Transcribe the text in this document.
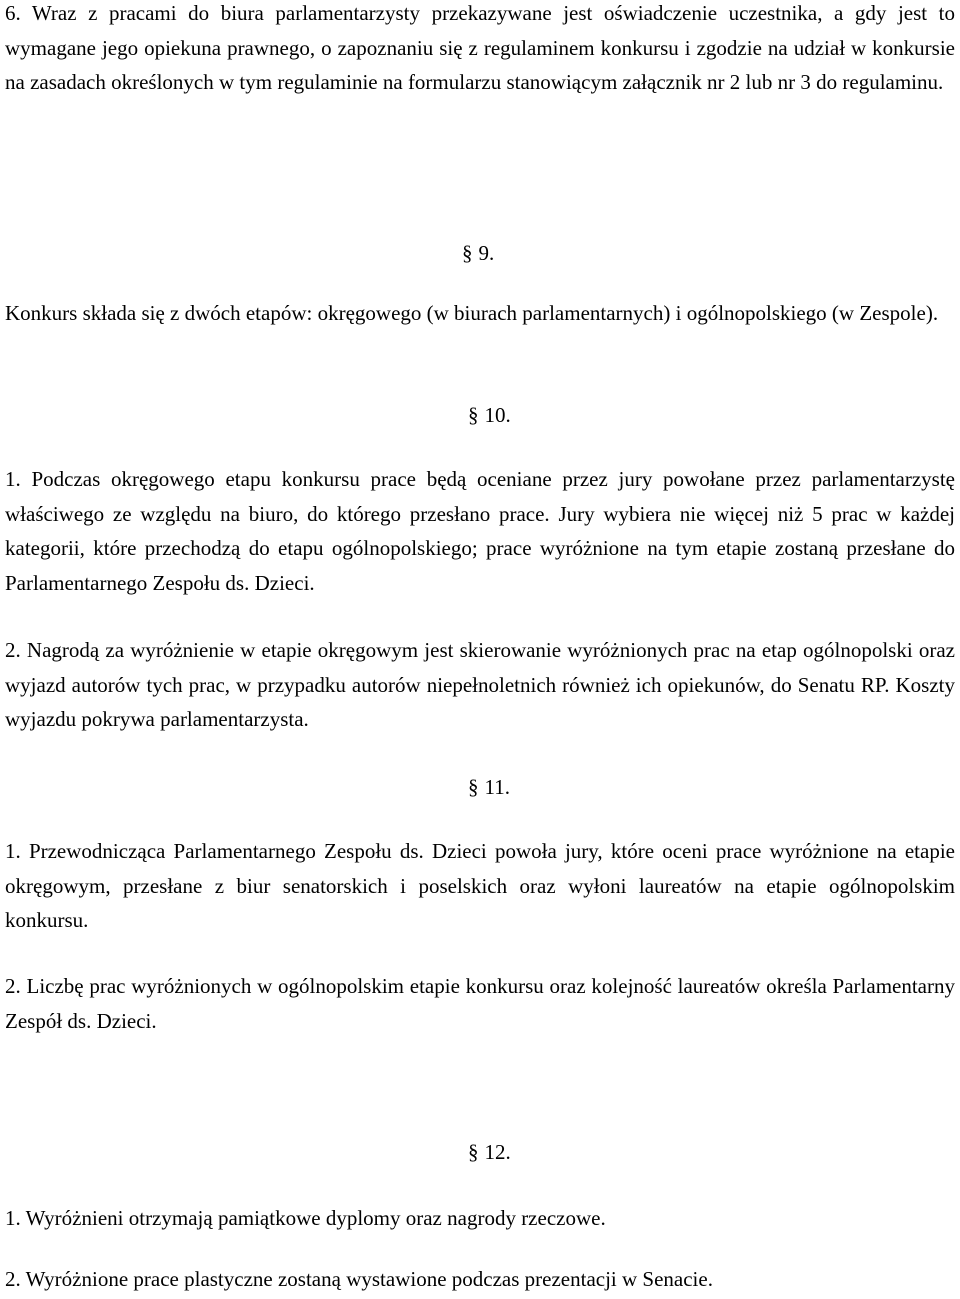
6. Wraz z pracami do biura parlamentarzysty przekazywane jest oświadczenie uczestnika, a gdy jest to wymagane jego opiekuna prawnego, o zapoznaniu się z regulaminem konkursu i zgodzie na udział w konkursie na zasadach określonych w tym regulaminie na formularzu stanowiącym załącznik nr 2 lub nr 3 do regulaminu.

§ 9.

Konkurs składa się z dwóch etapów: okręgowego (w biurach parlamentarnych) i ogólnopolskiego (w Zespole).

§ 10.

1. Podczas okręgowego etapu konkursu prace będą oceniane przez jury powołane przez parlamentarzystę właściwego ze względu na biuro, do którego przesłano prace. Jury wybiera nie więcej niż 5 prac w każdej kategorii, które przechodzą do etapu ogólnopolskiego; prace wyróżnione na tym etapie zostaną przesłane do Parlamentarnego Zespołu ds. Dzieci.

2. Nagrodą za wyróżnienie w etapie okręgowym jest skierowanie wyróżnionych prac na etap ogólnopolski oraz wyjazd autorów tych prac, w przypadku autorów niepełnoletnich również ich opiekunów, do Senatu RP. Koszty wyjazdu pokrywa parlamentarzysta.

§ 11.

1. Przewodnicząca Parlamentarnego Zespołu ds. Dzieci powoła jury, które oceni prace wyróżnione na etapie okręgowym, przesłane z biur senatorskich i poselskich oraz wyłoni laureatów na etapie ogólnopolskim konkursu.

2. Liczbę prac wyróżnionych w ogólnopolskim etapie konkursu oraz kolejność laureatów określa Parlamentarny Zespół ds. Dzieci.

§ 12.

1. Wyróżnieni otrzymają pamiątkowe dyplomy oraz nagrody rzeczowe.

2. Wyróżnione prace plastyczne zostaną wystawione podczas prezentacji w Senacie.
